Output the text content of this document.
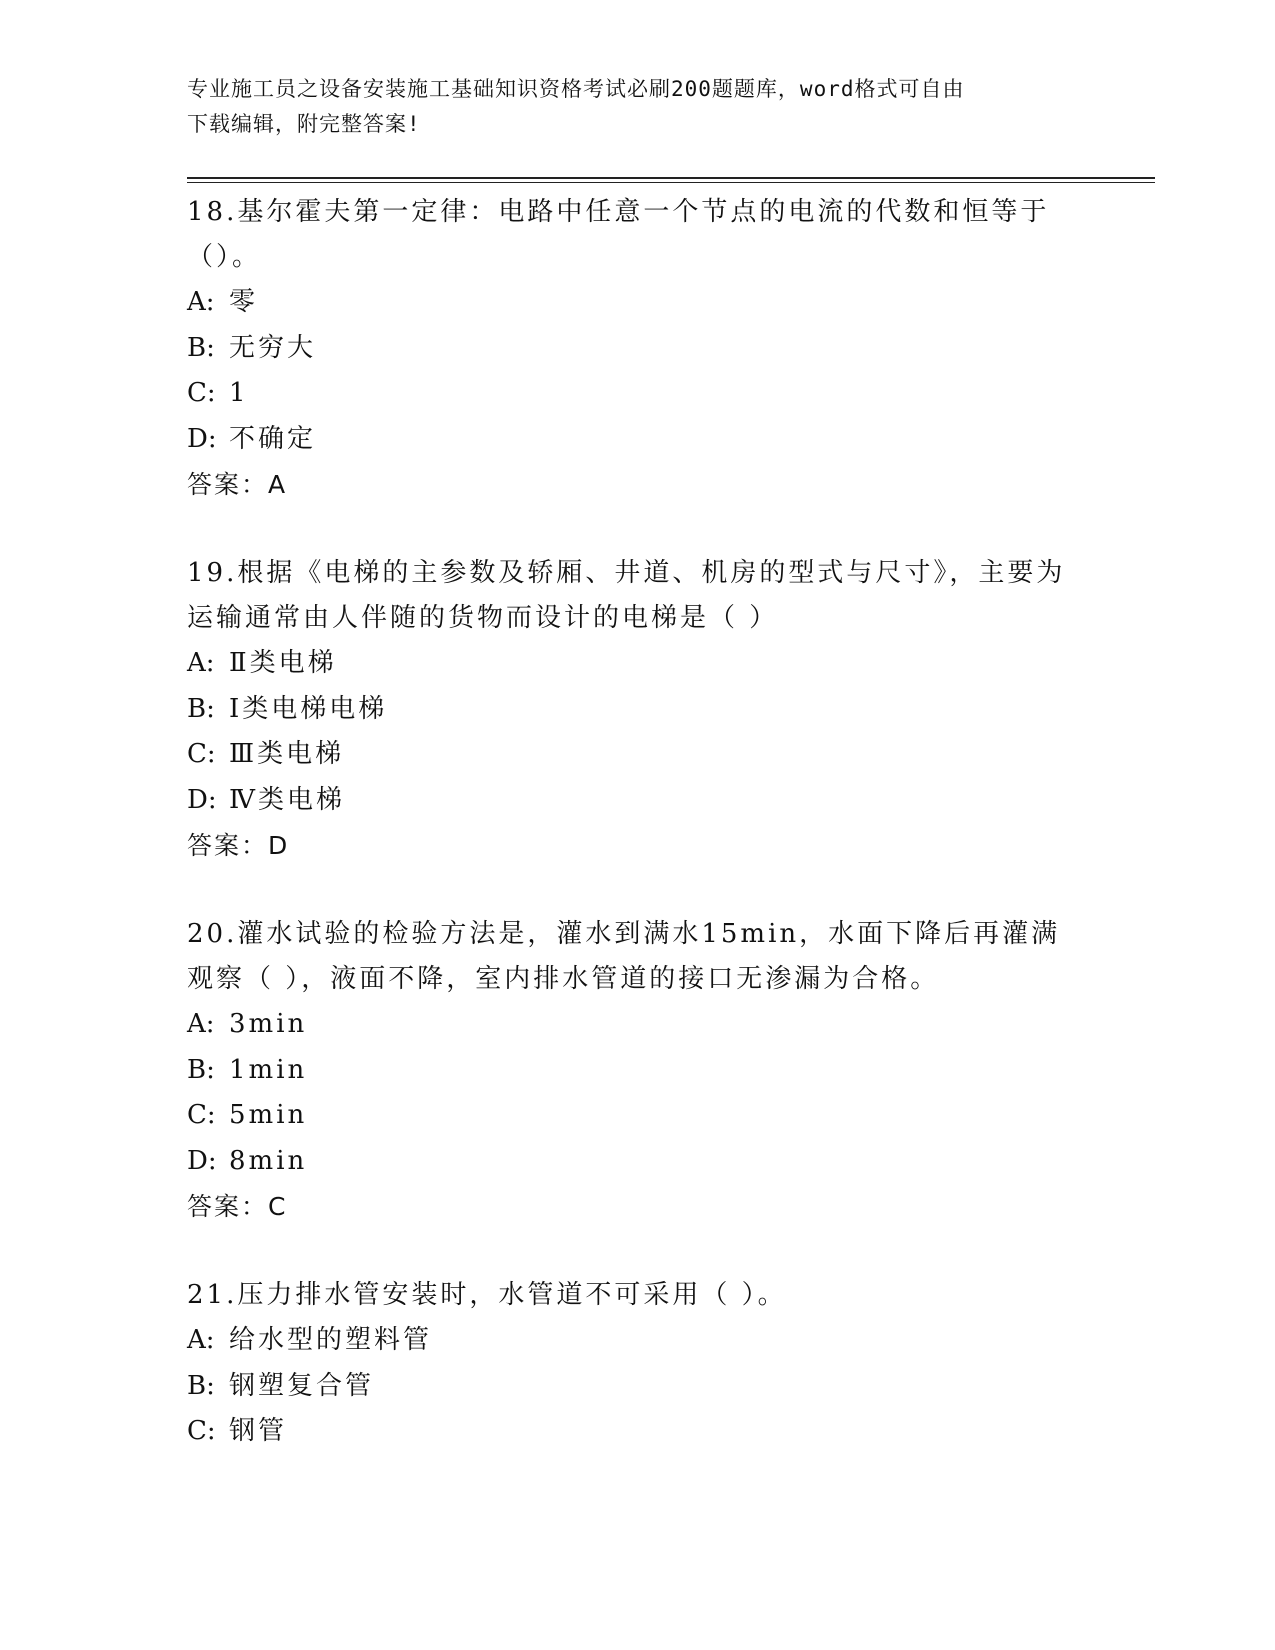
专业施工员之设备安装施工基础知识资格考试必刷200题题库，word格式可自由
下载编辑，附完整答案!

18.基尔霍夫第一定律：电路中任意一个节点的电流的代数和恒等于（）。

A: 零

B: 无穷大

C: 1

D: 不确定

答案：A

19.根据《电梯的主参数及轿厢、井道、机房的型式与尺寸》，主要为运输通常由人伴随的货物而设计的电梯是（ ）

A: Ⅱ类电梯

B: Ⅰ类电梯电梯

C: Ⅲ类电梯

D: Ⅳ类电梯

答案：D

20.灌水试验的检验方法是，灌水到满水15min，水面下降后再灌满观察（ ），液面不降，室内排水管道的接口无渗漏为合格。

A: 3min

B: 1min

C: 5min

D: 8min

答案：C

21.压力排水管安装时，水管道不可采用（ ）。

A: 给水型的塑料管

B: 钢塑复合管

C: 钢管
